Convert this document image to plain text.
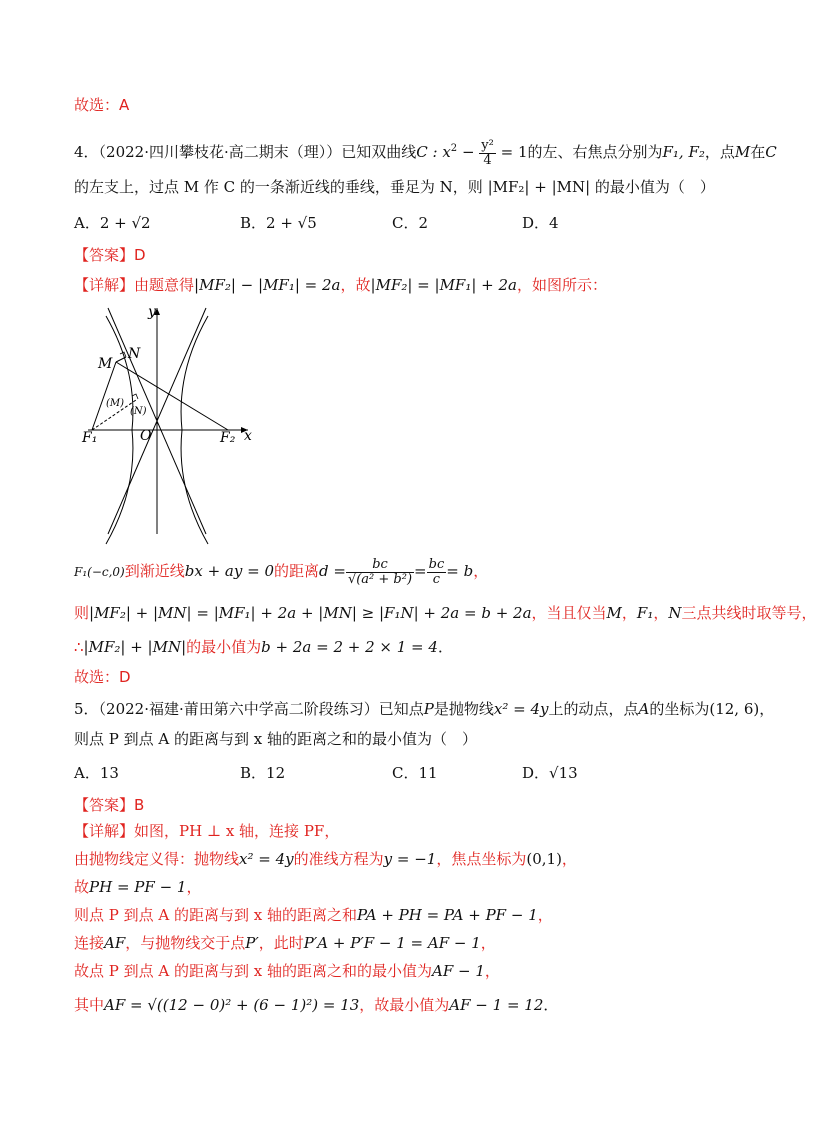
故选：A
4．（2022·四川攀枝花·高二期末（理））已知双曲线C : $x^2 - \frac{\text{y²}}{4} = 1$的左、右焦点分别为F₁, F₂，点M在C
的左支上，过点 M 作 C 的一条渐近线的垂线，垂足为 N，则 |MF₂| + |MN| 的最小值为（　）
A．2 + √2	B．2 + √5	C．2	D．4
【答案】D
【详解】由题意得|MF₂| − |MF₁| = 2a，故|MF₂| = |MF₁| + 2a，如图所示：
y
x
O
M
N
F₁	F₂
(M)
(N)
F₁(−c,0)到渐近线bx + ay = 0的距离$d = \frac{bc}{\text{√(a² + b²)}} = \frac{bc}{c} = b$，
则|MF₂| + |MN| = |MF₁| + 2a + |MN| ≥ |F₁N| + 2a = b + 2a，当且仅当M，F₁，N三点共线时取等号，
∴|MF₂| + |MN|的最小值为b + 2a = 2 + 2 × 1 = 4．
故选：D
5．（2022·福建·莆田第六中学高二阶段练习）已知点P是抛物线x² = 4y上的动点，点A的坐标为(12, 6)，
则点 P 到点 A 的距离与到 x 轴的距离之和的最小值为（　）
A．13	B．12	C．11	D．√13
【答案】B
【详解】如图，PH ⊥ x 轴，连接 PF，
由抛物线定义得：抛物线x² = 4y的准线方程为y = −1，焦点坐标为(0,1)，
故PH = PF − 1，
则点 P 到点 A 的距离与到 x 轴的距离之和PA + PH = PA + PF − 1，
连接AF，与抛物线交于点P′，此时P′A + P′F − 1 = AF − 1，
故点 P 到点 A 的距离与到 x 轴的距离之和的最小值为AF − 1，
其中AF = √((12 − 0)² + (6 − 1)²) = 13，故最小值为AF − 1 = 12．
